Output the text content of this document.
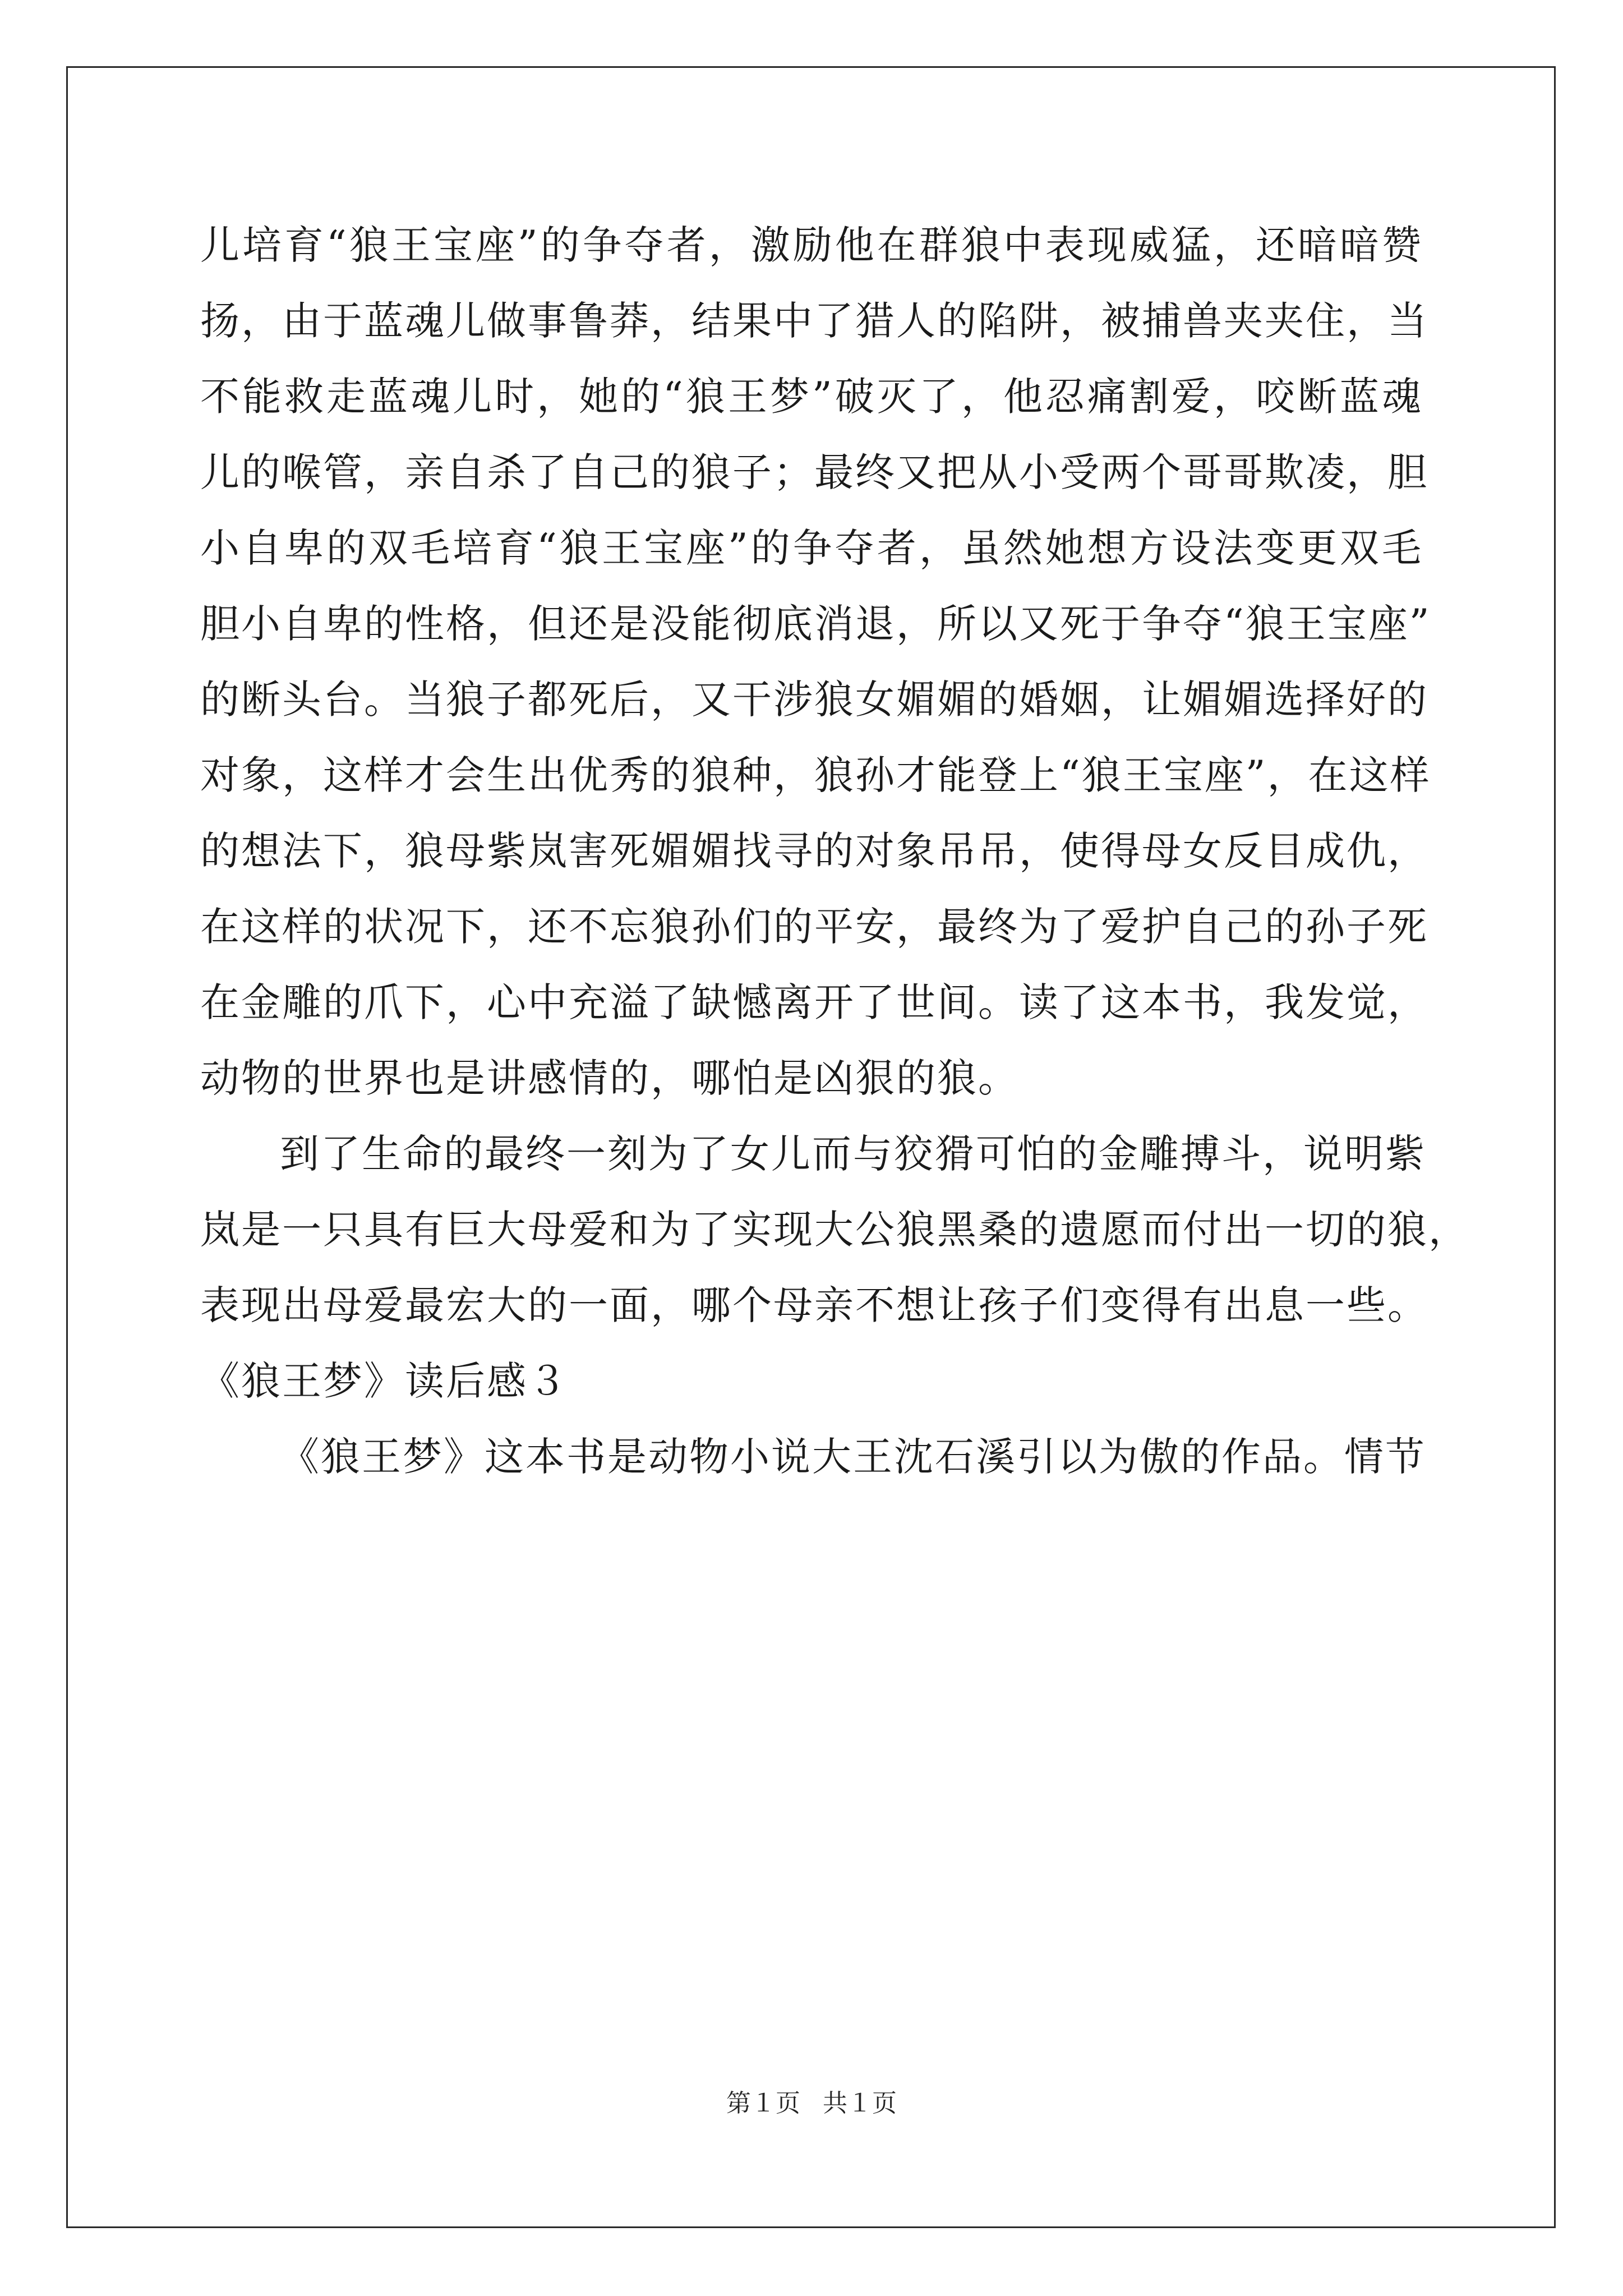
儿培育“狼王宝座”的争夺者，激励他在群狼中表现威猛，还暗暗赞
扬，由于蓝魂儿做事鲁莽，结果中了猎人的陷阱，被捕兽夹夹住，当
不能救走蓝魂儿时，她的“狼王梦”破灭了，他忍痛割爱，咬断蓝魂
儿的喉管，亲自杀了自己的狼子；最终又把从小受两个哥哥欺凌，胆
小自卑的双毛培育“狼王宝座”的争夺者，虽然她想方设法变更双毛
胆小自卑的性格，但还是没能彻底消退，所以又死于争夺“狼王宝座”
的断头台。当狼子都死后，又干涉狼女媚媚的婚姻，让媚媚选择好的
对象，这样才会生出优秀的狼种，狼孙才能登上“狼王宝座”，在这样
的想法下，狼母紫岚害死媚媚找寻的对象吊吊，使得母女反目成仇，
在这样的状况下，还不忘狼孙们的平安，最终为了爱护自己的孙子死
在金雕的爪下，心中充溢了缺憾离开了世间。读了这本书，我发觉，
动物的世界也是讲感情的，哪怕是凶狠的狼。
到了生命的最终一刻为了女儿而与狡猾可怕的金雕搏斗，说明紫
岚是一只具有巨大母爱和为了实现大公狼黑桑的遗愿而付出一切的狼，
表现出母爱最宏大的一面，哪个母亲不想让孩子们变得有出息一些。
《狼王梦》读后感３
《狼王梦》这本书是动物小说大王沈石溪引以为傲的作品。情节
第１页 共１页
